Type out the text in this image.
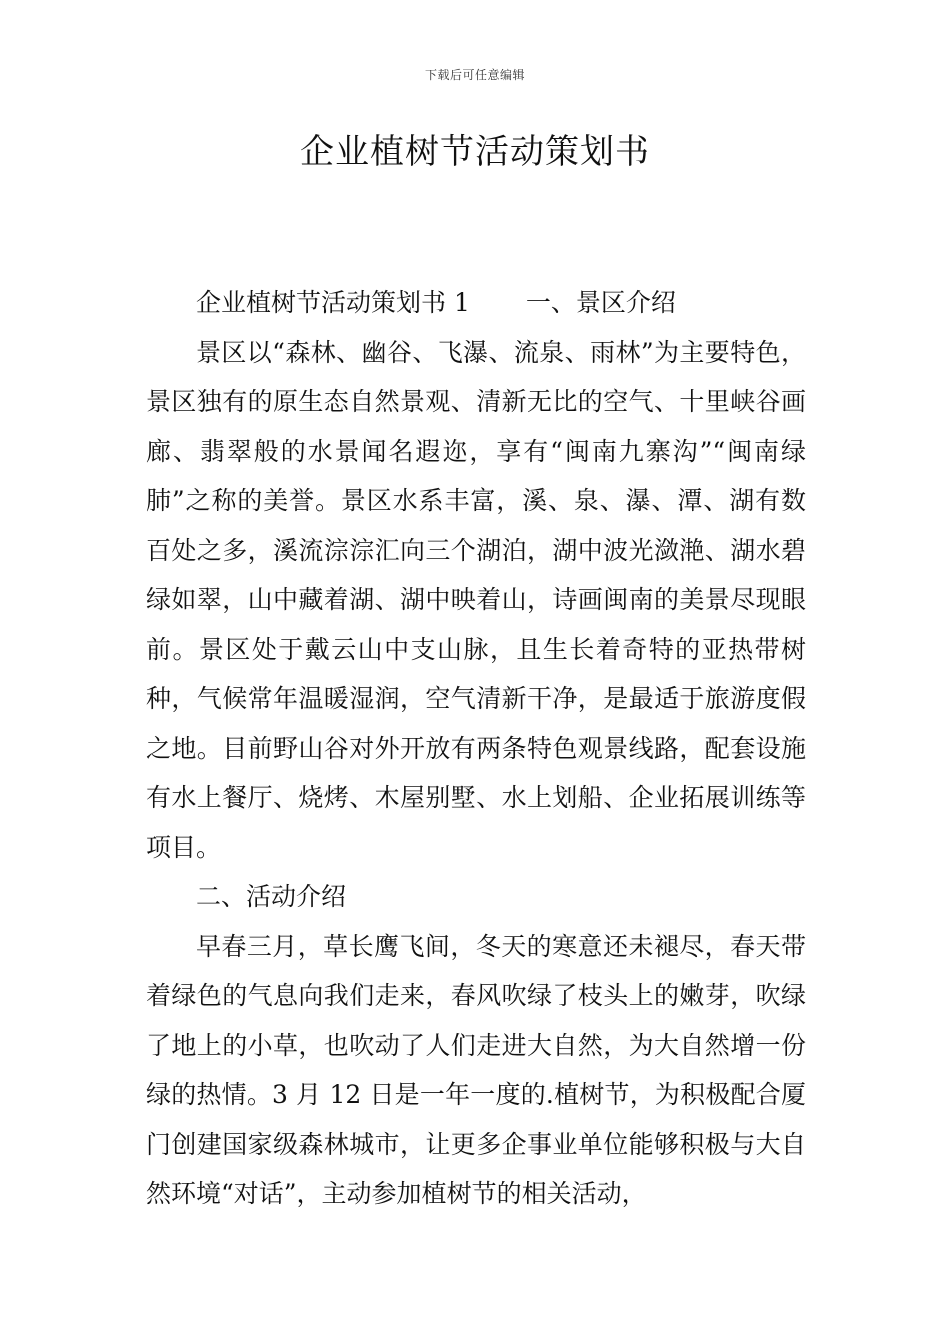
下载后可任意编辑
企业植树节活动策划书

企业植树节活动策划书 1 一、景区介绍

景区以“森林、幽谷、飞瀑、流泉、雨林”为主要特色，景区独有的原生态自然景观、清新无比的空气、十里峡谷画廊、翡翠般的水景闻名遐迩，享有“闽南九寨沟”“闽南绿肺”之称的美誉。景区水系丰富，溪、泉、瀑、潭、湖有数百处之多，溪流淙淙汇向三个湖泊，湖中波光潋滟、湖水碧绿如翠，山中藏着湖、湖中映着山，诗画闽南的美景尽现眼前。景区处于戴云山中支山脉，且生长着奇特的亚热带树种，气候常年温暖湿润，空气清新干净，是最适于旅游度假之地。目前野山谷对外开放有两条特色观景线路，配套设施有水上餐厅、烧烤、木屋别墅、水上划船、企业拓展训练等项目。

二、活动介绍

早春三月，草长鹰飞间，冬天的寒意还未褪尽，春天带着绿色的气息向我们走来，春风吹绿了枝头上的嫩芽，吹绿了地上的小草，也吹动了人们走进大自然，为大自然增一份绿的热情。3 月 12 日是一年一度的.植树节，为积极配合厦门创建国家级森林城市，让更多企事业单位能够积极与大自然环境“对话”，主动参加植树节的相关活动，
